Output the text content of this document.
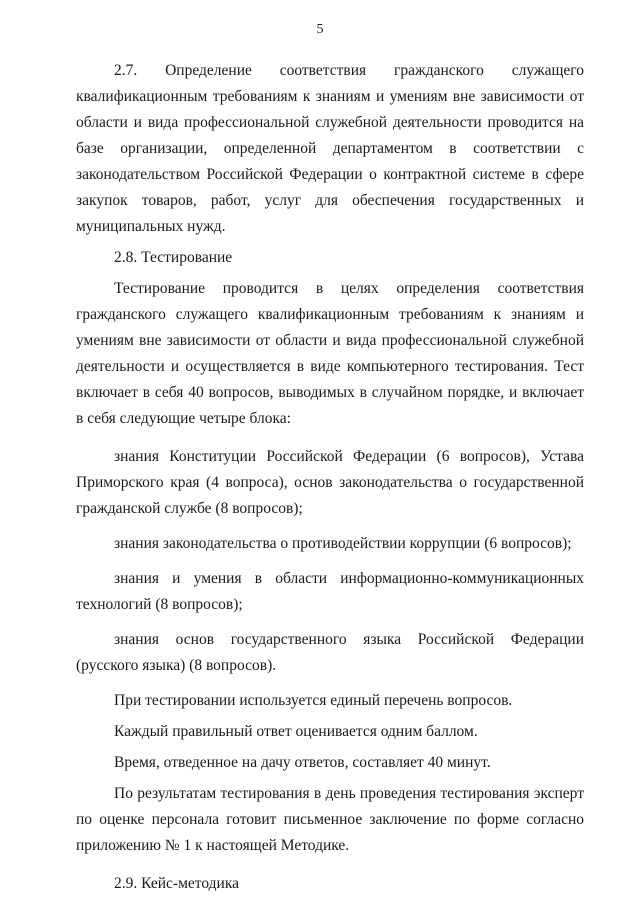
5

2.7. Определение соответствия гражданского служащего квалификационным требованиям к знаниям и умениям вне зависимости от области и вида профессиональной служебной деятельности проводится на базе организации, определенной департаментом в соответствии с законодательством Российской Федерации о контрактной системе в сфере закупок товаров, работ, услуг для обеспечения государственных и муниципальных нужд.

2.8. Тестирование

Тестирование проводится в целях определения соответствия гражданского служащего квалификационным требованиям к знаниям и умениям вне зависимости от области и вида профессиональной служебной деятельности и осуществляется в виде компьютерного тестирования. Тест включает в себя 40 вопросов, выводимых в случайном порядке, и включает в себя следующие четыре блока:

знания Конституции Российской Федерации (6 вопросов), Устава Приморского края (4 вопроса), основ законодательства о государственной гражданской службе (8 вопросов);

знания законодательства о противодействии коррупции (6 вопросов);

знания и умения в области информационно-коммуникационных технологий (8 вопросов);

знания основ государственного языка Российской Федерации (русского языка) (8 вопросов).

При тестировании используется единый перечень вопросов.

Каждый правильный ответ оценивается одним баллом.

Время, отведенное на дачу ответов, составляет 40 минут.

По результатам тестирования в день проведения тестирования эксперт по оценке персонала готовит письменное заключение по форме согласно приложению № 1 к настоящей Методике.

2.9. Кейс-методика
